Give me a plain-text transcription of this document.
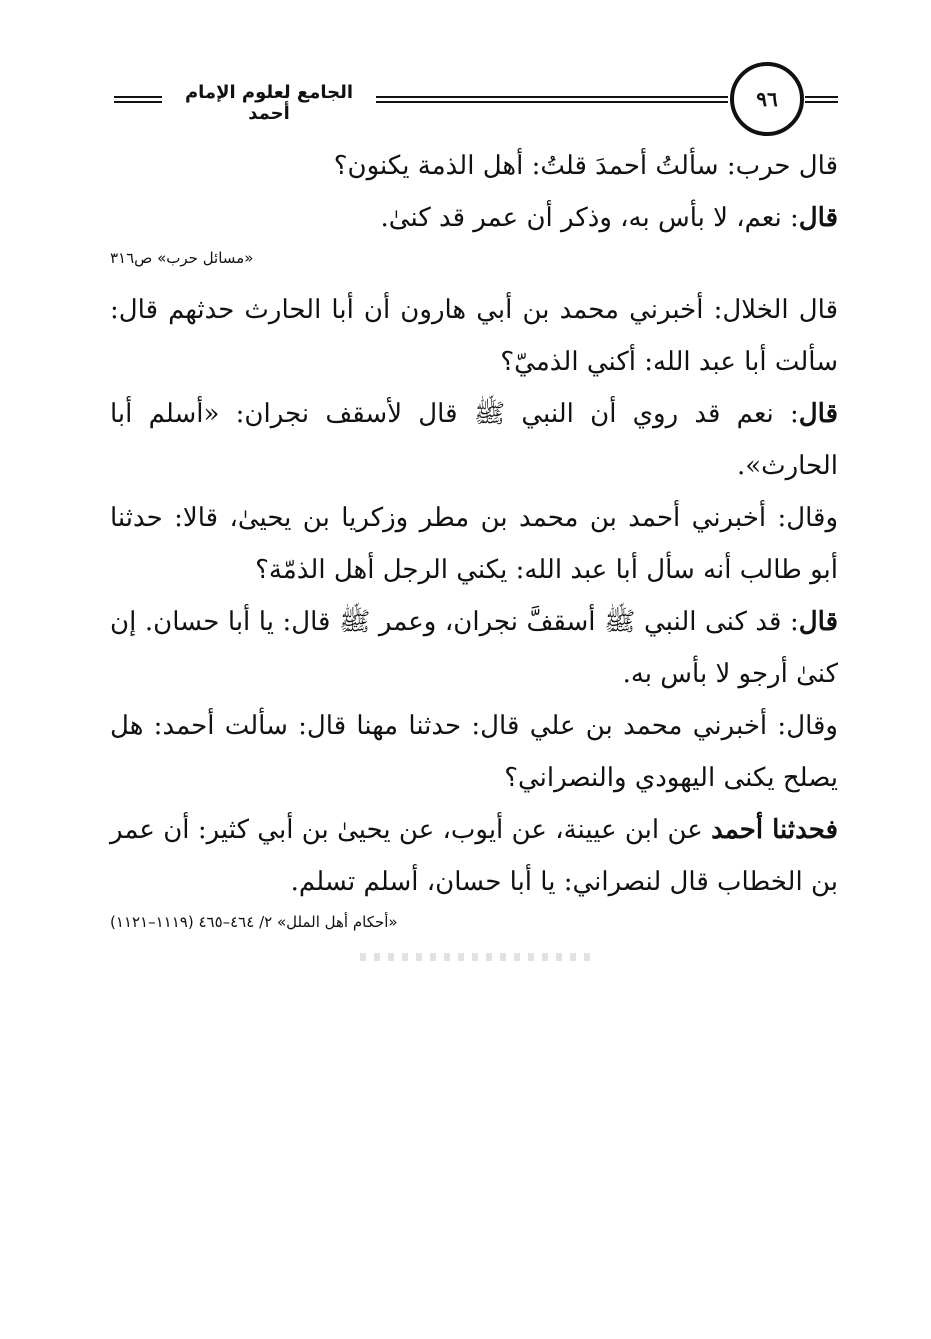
٩٦
الجامع لعلوم الإمام أحمد

قال حرب: سألتُ أحمدَ قلتُ: أهل الذمة يكنون؟

قال: نعم، لا بأس به، وذكر أن عمر قد كنىٰ.

«مسائل حرب» ص٣١٦

قال الخلال: أخبرني محمد بن أبي هارون أن أبا الحارث حدثهم قال: سألت أبا عبد الله: أكني الذميّ؟

قال: نعم قد روي أن النبي ﷺ قال لأسقف نجران: «أسلم أبا الحارث».

وقال: أخبرني أحمد بن محمد بن مطر وزكريا بن يحيىٰ، قالا: حدثنا أبو طالب أنه سأل أبا عبد الله: يكني الرجل أهل الذمّة؟

قال: قد كنى النبي ﷺ أسقفَّ نجران، وعمر ﷺ قال: يا أبا حسان. إن كنىٰ أرجو لا بأس به.

وقال: أخبرني محمد بن علي قال: حدثنا مهنا قال: سألت أحمد: هل يصلح يكنى اليهودي والنصراني؟

فحدثنا أحمد عن ابن عيينة، عن أيوب، عن يحيىٰ بن أبي كثير: أن عمر بن الخطاب قال لنصراني: يا أبا حسان، أسلم تسلم.

«أحكام أهل الملل» ٢/ ٤٦٤–٤٦٥ (١١١٩–١١٢١)
